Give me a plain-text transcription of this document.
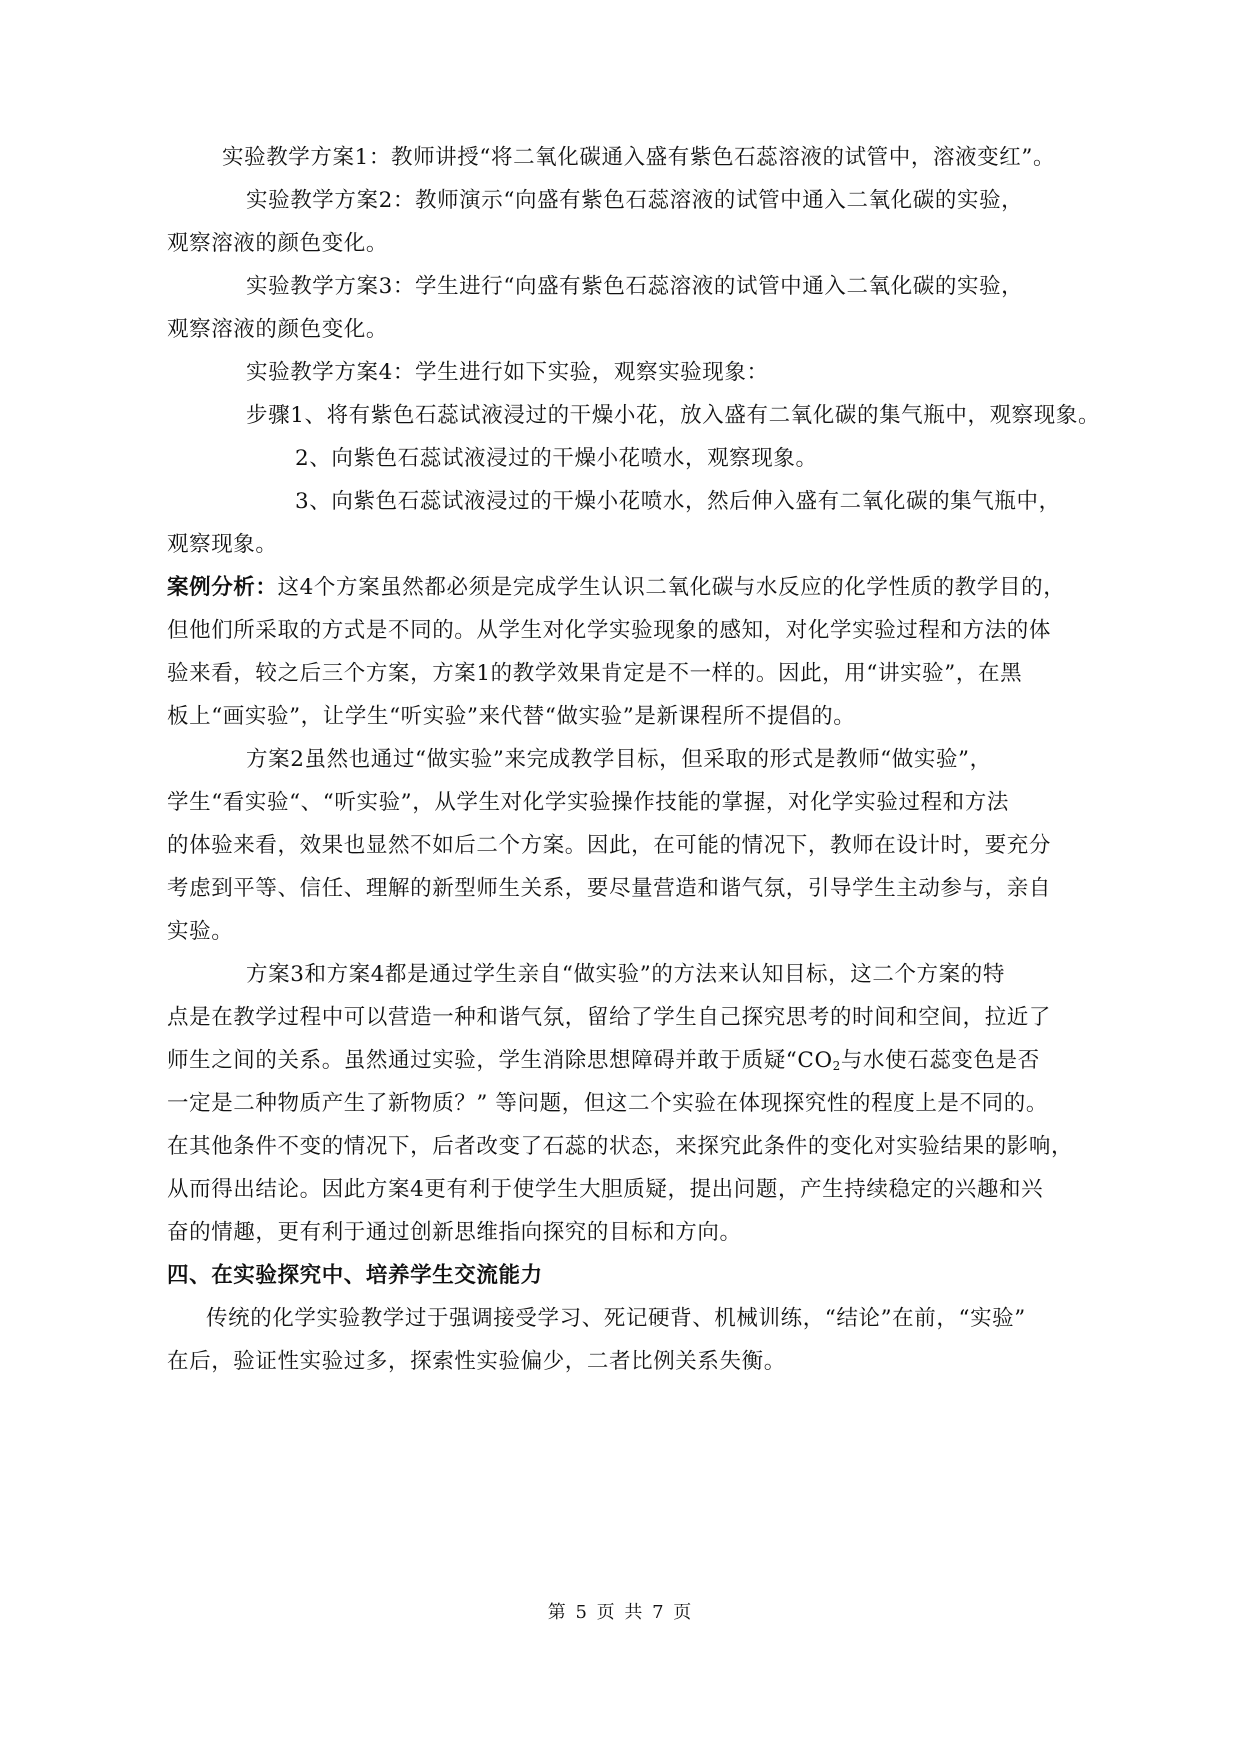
实验教学方案1：教师讲授“将二氧化碳通入盛有紫色石蕊溶液的试管中，溶液变红”。
实验教学方案2：教师演示“向盛有紫色石蕊溶液的试管中通入二氧化碳的实验，
观察溶液的颜色变化。
实验教学方案3：学生进行“向盛有紫色石蕊溶液的试管中通入二氧化碳的实验，
观察溶液的颜色变化。
实验教学方案4：学生进行如下实验，观察实验现象：
步骤1、将有紫色石蕊试液浸过的干燥小花，放入盛有二氧化碳的集气瓶中，观察现象。
2、向紫色石蕊试液浸过的干燥小花喷水，观察现象。
3、向紫色石蕊试液浸过的干燥小花喷水，然后伸入盛有二氧化碳的集气瓶中，
观察现象。
案例分析：这4个方案虽然都必须是完成学生认识二氧化碳与水反应的化学性质的教学目的，
但他们所采取的方式是不同的。从学生对化学实验现象的感知，对化学实验过程和方法的体
验来看，较之后三个方案，方案1的教学效果肯定是不一样的。因此，用“讲实验”，在黑
板上“画实验”，让学生“听实验”来代替“做实验”是新课程所不提倡的。
方案2虽然也通过“做实验”来完成教学目标，但采取的形式是教师“做实验”，
学生“看实验“、“听实验”，从学生对化学实验操作技能的掌握，对化学实验过程和方法
的体验来看，效果也显然不如后二个方案。因此，在可能的情况下，教师在设计时，要充分
考虑到平等、信任、理解的新型师生关系，要尽量营造和谐气氛，引导学生主动参与，亲自
实验。
方案3和方案4都是通过学生亲自“做实验”的方法来认知目标，这二个方案的特
点是在教学过程中可以营造一种和谐气氛，留给了学生自己探究思考的时间和空间，拉近了
师生之间的关系。虽然通过实验，学生消除思想障碍并敢于质疑“$CO_2$与水使石蕊变色是否
一定是二种物质产生了新物质？” 等问题，但这二个实验在体现探究性的程度上是不同的。
在其他条件不变的情况下，后者改变了石蕊的状态，来探究此条件的变化对实验结果的影响，
从而得出结论。因此方案4更有利于使学生大胆质疑，提出问题，产生持续稳定的兴趣和兴
奋的情趣，更有利于通过创新思维指向探究的目标和方向。
四、在实验探究中、培养学生交流能力
传统的化学实验教学过于强调接受学习、死记硬背、机械训练，“结论”在前，“实验”
在后，验证性实验过多，探索性实验偏少，二者比例关系失衡。
第 5 页 共 7 页
